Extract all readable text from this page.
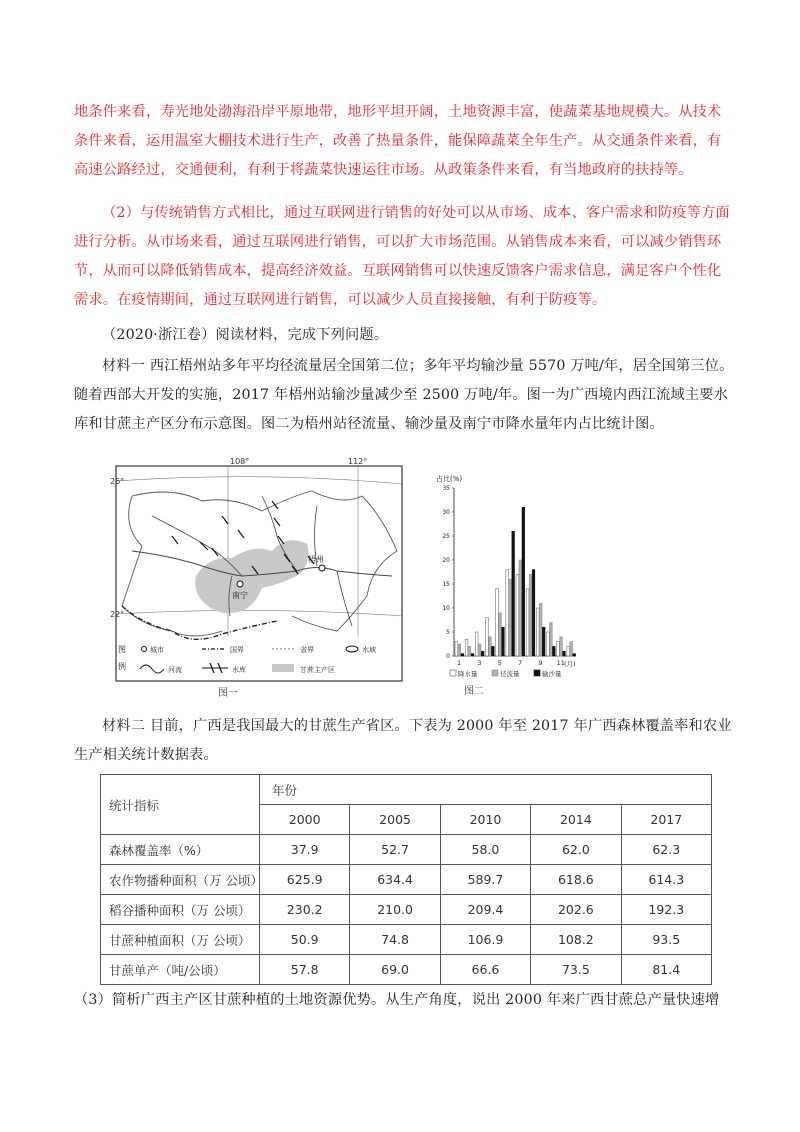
地条件来看，寿光地处渤海沿岸平原地带，地形平坦开阔，土地资源丰富，使蔬菜基地规模大。从技术条件来看，运用温室大棚技术进行生产，改善了热量条件，能保障蔬菜全年生产。从交通条件来看，有高速公路经过，交通便利，有利于将蔬菜快速运往市场。从政策条件来看，有当地政府的扶持等。
（2）与传统销售方式相比，通过互联网进行销售的好处可以从市场、成本、客户需求和防疫等方面进行分析。从市场来看，通过互联网进行销售，可以扩大市场范围。从销售成本来看，可以减少销售环节，从而可以降低销售成本，提高经济效益。互联网销售可以快速反馈客户需求信息，满足客户个性化需求。在疫情期间，通过互联网进行销售，可以减少人员直接接触，有利于防疫等。
（2020·浙江卷）阅读材料，完成下列问题。
材料一 西江梧州站多年平均径流量居全国第二位；多年平均输沙量 5570 万吨/年，居全国第三位。随着西部大开发的实施，2017 年梧州站输沙量减少至 2500 万吨/年。图一为广西境内西江流域主要水库和甘蔗主产区分布示意图。图二为梧州站径流量、输沙量及南宁市降水量年内占比统计图。
108°	112°
26°
22°
南宁
梧州
图
例
城市	国界	省界	水域
河流	水库	甘蔗主产区
图一
占比(%)
0
5
10
15
20
25
30
35
1 3 5 7 9 11 (月)
降水量	径流量	输沙量
图二
材料二 目前，广西是我国最大的甘蔗生产省区。下表为 2000 年至 2017 年广西森林覆盖率和农业生产相关统计数据表。
统计指标	年份				
	2000	2005	2010	2014	2017
森林覆盖率（%）	37.9	52.7	58.0	62.0	62.3
农作物播种面积（万 公顷）	625.9	634.4	589.7	618.6	614.3
稻谷播种面积（万 公顷）	230.2	210.0	209.4	202.6	192.3
甘蔗种植面积（万 公顷）	50.9	74.8	106.9	108.2	93.5
甘蔗单产（吨/公顷）	57.8	69.0	66.6	73.5	81.4
（3）简析广西主产区甘蔗种植的土地资源优势。从生产角度，说出 2000 年来广西甘蔗总产量快速增
